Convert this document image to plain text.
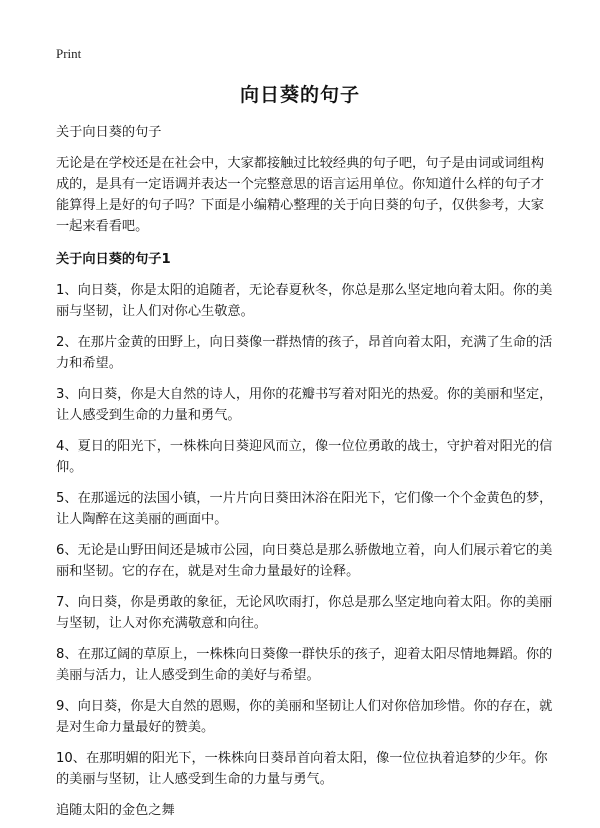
Print
向日葵的句子

关于向日葵的句子

无论是在学校还是在社会中，大家都接触过比较经典的句子吧，句子是由词或词组构成的，是具有一定语调并表达一个完整意思的语言运用单位。你知道什么样的句子才能算得上是好的句子吗？下面是小编精心整理的关于向日葵的句子，仅供参考，大家一起来看看吧。

关于向日葵的句子1

1、向日葵，你是太阳的追随者，无论春夏秋冬，你总是那么坚定地向着太阳。你的美丽与坚韧，让人们对你心生敬意。

2、在那片金黄的田野上，向日葵像一群热情的孩子，昂首向着太阳，充满了生命的活力和希望。

3、向日葵，你是大自然的诗人，用你的花瓣书写着对阳光的热爱。你的美丽和坚定，让人感受到生命的力量和勇气。

4、夏日的阳光下，一株株向日葵迎风而立，像一位位勇敢的战士，守护着对阳光的信仰。

5、在那遥远的法国小镇，一片片向日葵田沐浴在阳光下，它们像一个个金黄色的梦，让人陶醉在这美丽的画面中。

6、无论是山野田间还是城市公园，向日葵总是那么骄傲地立着，向人们展示着它的美丽和坚韧。它的存在，就是对生命力量最好的诠释。

7、向日葵，你是勇敢的象征，无论风吹雨打，你总是那么坚定地向着太阳。你的美丽与坚韧，让人对你充满敬意和向往。

8、在那辽阔的草原上，一株株向日葵像一群快乐的孩子，迎着太阳尽情地舞蹈。你的美丽与活力，让人感受到生命的美好与希望。

9、向日葵，你是大自然的恩赐，你的美丽和坚韧让人们对你倍加珍惜。你的存在，就是对生命力量最好的赞美。

10、在那明媚的阳光下，一株株向日葵昂首向着太阳，像一位位执着追梦的少年。你的美丽与坚韧，让人感受到生命的力量与勇气。

追随太阳的金色之舞
